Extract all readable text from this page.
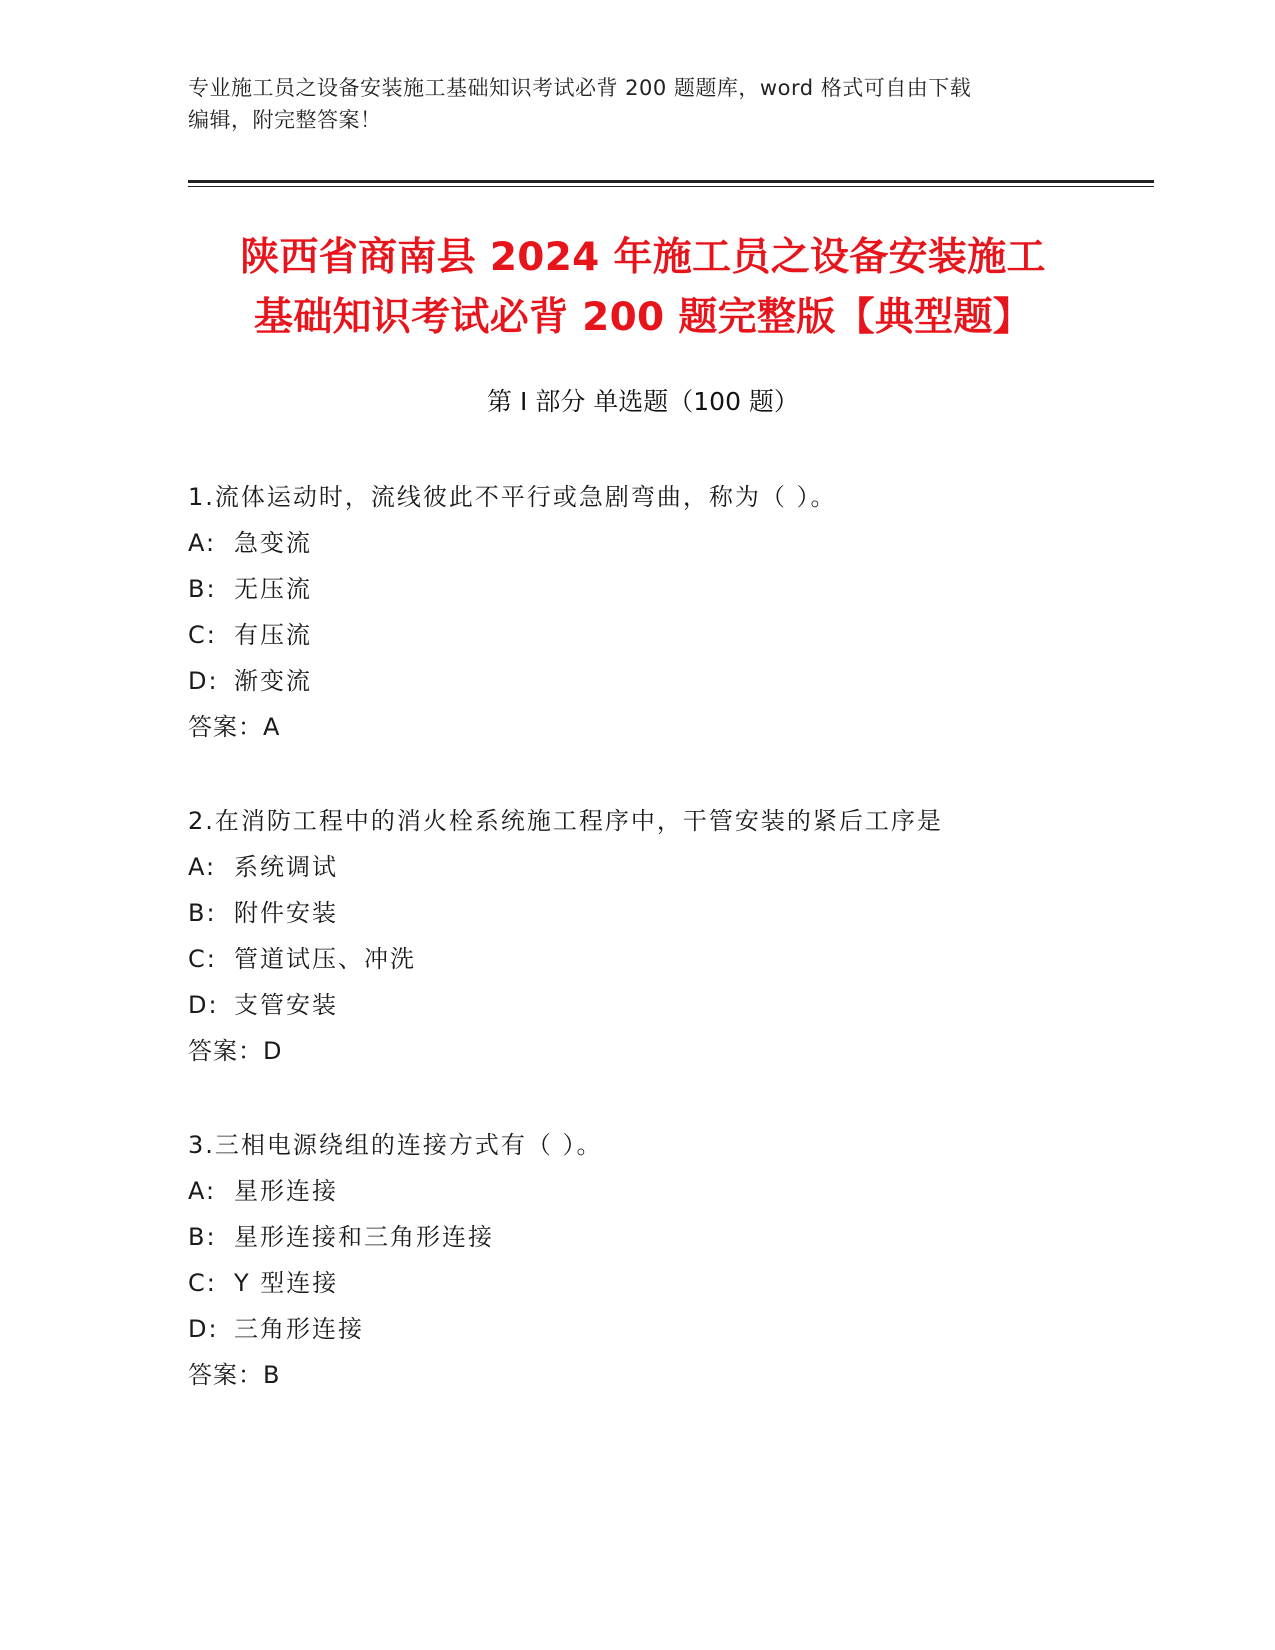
专业施工员之设备安装施工基础知识考试必背 200 题题库，word 格式可自由下载
编辑，附完整答案！
陕西省商南县 2024 年施工员之设备安装施工
基础知识考试必背 200 题完整版【典型题】
第 I 部分 单选题（100 题）
1.流体运动时，流线彼此不平行或急剧弯曲，称为（ ）。
A: 急变流
B: 无压流
C: 有压流
D: 渐变流
答案：A
2.在消防工程中的消火栓系统施工程序中，干管安装的紧后工序是
A: 系统调试
B: 附件安装
C: 管道试压、冲洗
D: 支管安装
答案：D
3.三相电源绕组的连接方式有（ ）。
A: 星形连接
B: 星形连接和三角形连接
C: Y 型连接
D: 三角形连接
答案：B
